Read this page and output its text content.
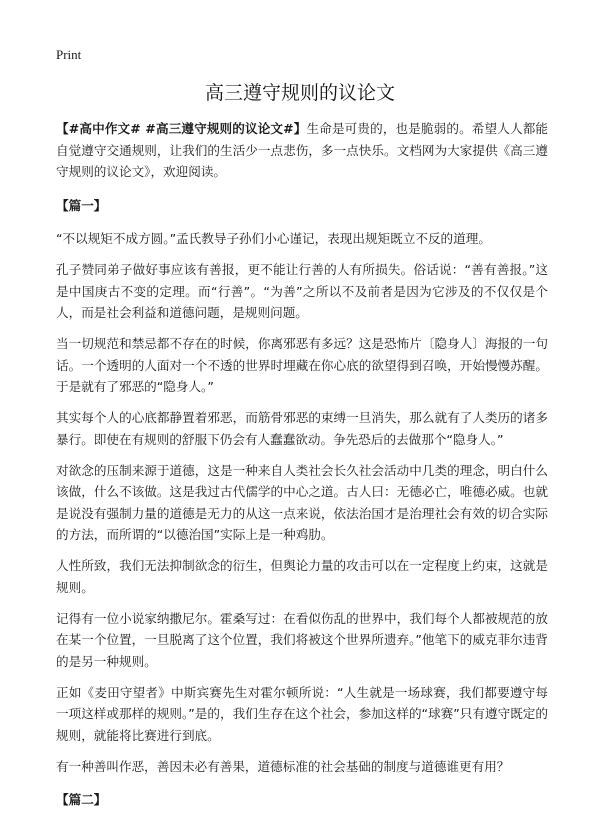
Print
高三遵守规则的议论文

【#高中作文# #高三遵守规则的议论文#】生命是可贵的，也是脆弱的。希望人人都能自觉遵守交通规则，让我们的生活少一点悲伤，多一点快乐。文档网为大家提供《高三遵守规则的议论文》，欢迎阅读。

【篇一】

“不以规矩不成方圆。”孟氏教导子孙们小心谨记，表现出规矩既立不反的道理。

孔子赞同弟子做好事应该有善报，更不能让行善的人有所损失。俗话说：“善有善报。”这是中国庚古不变的定理。而“行善”。“为善”之所以不及前者是因为它涉及的不仅仅是个人，而是社会利益和道德问题，是规则问题。

当一切规范和禁忌都不存在的时候，你离邪恶有多远？这是恐怖片〔隐身人〕海报的一句话。一个透明的人面对一个不透的世界时埋藏在你心底的欲望得到召唤，开始慢慢苏醒。于是就有了邪恶的“隐身人。”

其实每个人的心底都静置着邪恶，而筋骨邪恶的束缚一旦消失，那么就有了人类历的诸多暴行。即使在有规则的舒服下仍会有人蠢蠢欲动。争先恐后的去做那个“隐身人。”

对欲念的压制来源于道德，这是一种来自人类社会长久社会活动中几类的理念，明白什么该做，什么不该做。这是我过古代儒学的中心之道。古人曰：无德必亡，唯德必威。也就是说没有强制力量的道德是无力的从这一点来说，依法治国才是治理社会有效的切合实际的方法，而所谓的“以德治国”实际上是一种鸡肋。

人性所致，我们无法抑制欲念的衍生，但舆论力量的攻击可以在一定程度上约束，这就是规则。

记得有一位小说家纳撒尼尔。霍桑写过：在看似伤乱的世界中，我们每个人都被规范的放在某一个位置，一旦脱离了这个位置，我们将被这个世界所遗弃。”他笔下的威克菲尔违背的是另一种规则。

正如《麦田守望者》中斯宾赛先生对霍尔顿所说：“人生就是一场球赛，我们都要遵守每一项这样或那样的规则。”是的，我们生存在这个社会，参加这样的“球赛”只有遵守既定的规则，就能将比赛进行到底。

有一种善叫作恶，善因未必有善果，道德标准的社会基础的制度与道德谁更有用？

【篇二】
